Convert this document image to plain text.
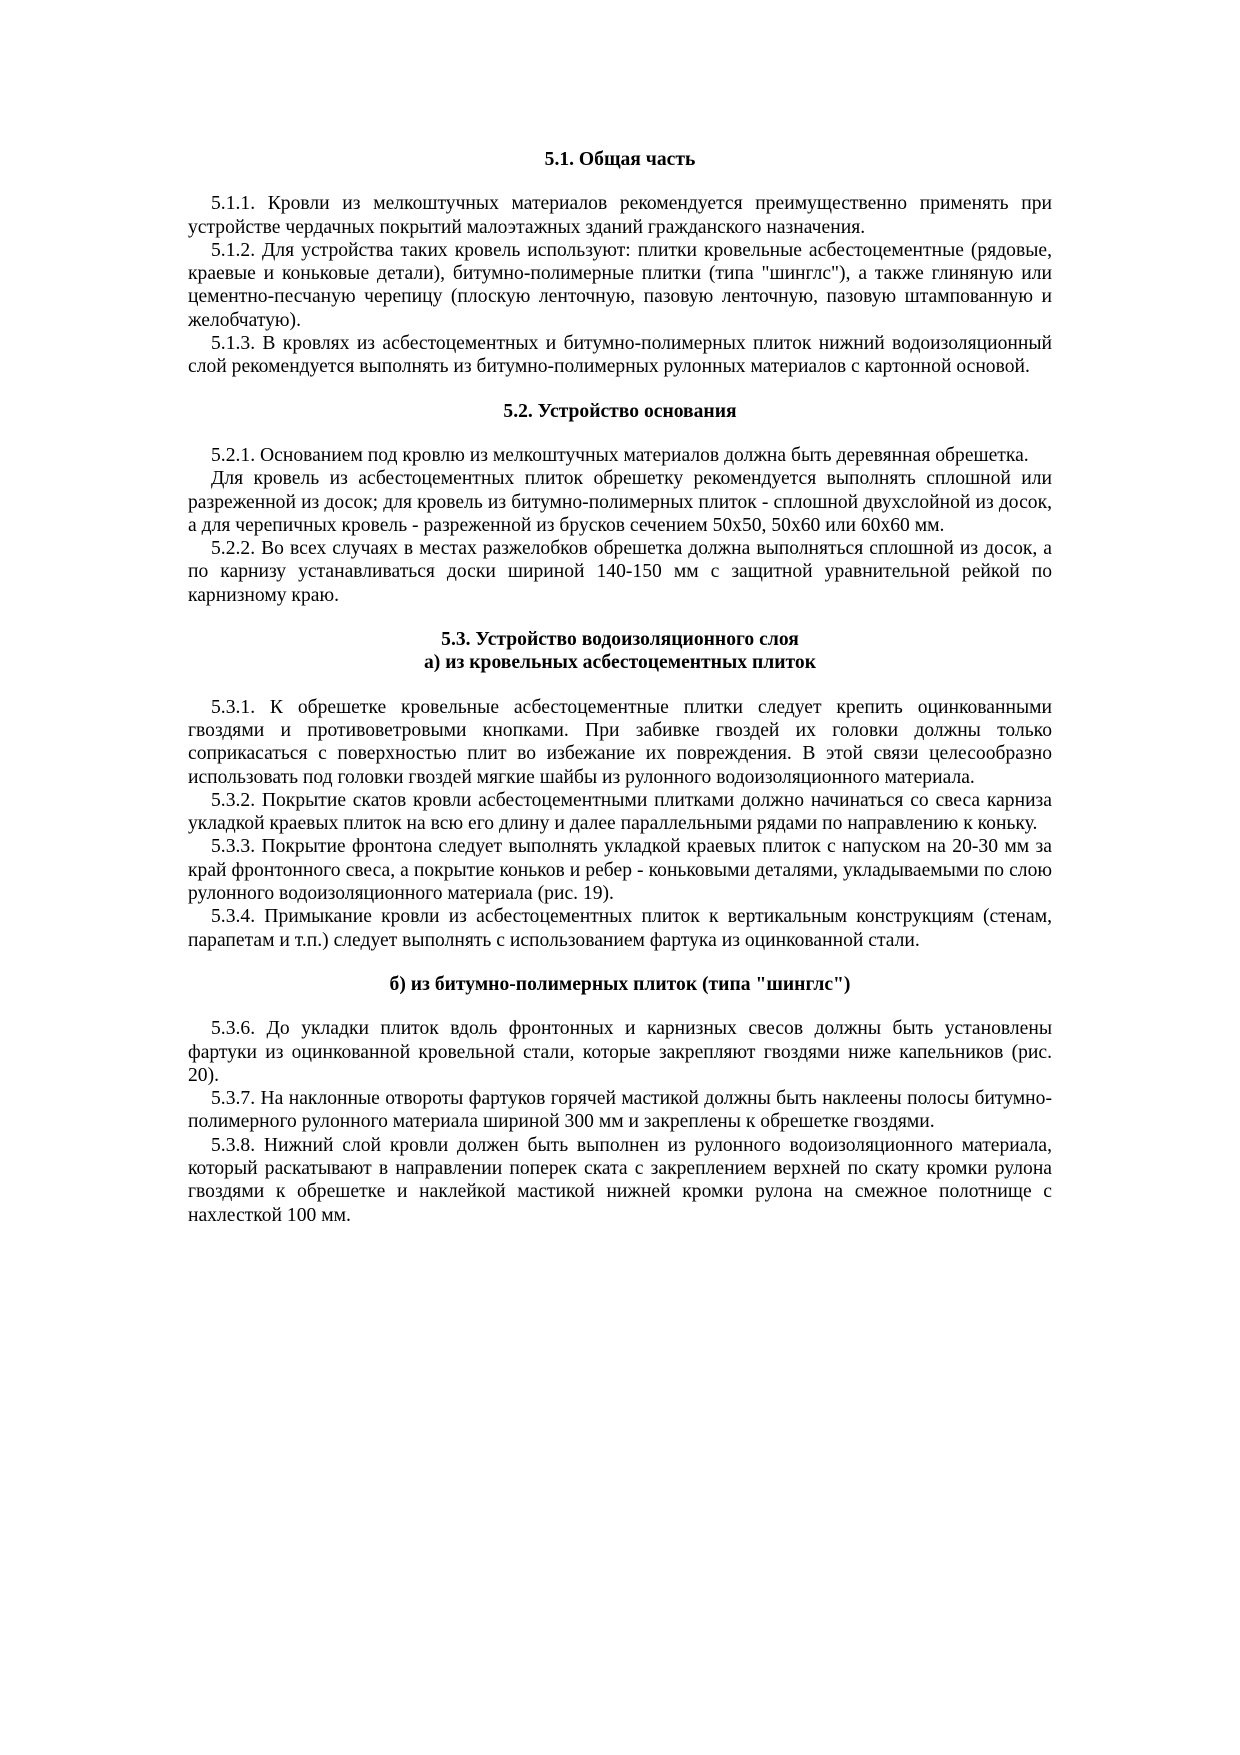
5.1. Общая часть

5.1.1. Кровли из мелкоштучных материалов рекомендуется преимущественно применять при устройстве чердачных покрытий малоэтажных зданий гражданского назначения.

5.1.2. Для устройства таких кровель используют: плитки кровельные асбестоцементные (рядовые, краевые и коньковые детали), битумно-полимерные плитки (типа "шинглс"), а также глиняную или цементно-песчаную черепицу (плоскую ленточную, пазовую ленточную, пазовую штампованную и желобчатую).

5.1.3. В кровлях из асбестоцементных и битумно-полимерных плиток нижний водоизоляционный слой рекомендуется выполнять из битумно-полимерных рулонных материалов с картонной основой.

5.2. Устройство основания

5.2.1. Основанием под кровлю из мелкоштучных материалов должна быть деревянная обрешетка.

Для кровель из асбестоцементных плиток обрешетку рекомендуется выполнять сплошной или разреженной из досок; для кровель из битумно-полимерных плиток - сплошной двухслойной из досок, а для черепичных кровель - разреженной из брусков сечением 50х50, 50х60 или 60х60 мм.

5.2.2. Во всех случаях в местах разжелобков обрешетка должна выполняться сплошной из досок, а по карнизу устанавливаться доски шириной 140-150 мм с защитной уравнительной рейкой по карнизному краю.

5.3. Устройство водоизоляционного слоя

а) из кровельных асбестоцементных плиток

5.3.1. К обрешетке кровельные асбестоцементные плитки следует крепить оцинкованными гвоздями и противоветровыми кнопками. При забивке гвоздей их головки должны только соприкасаться с поверхностью плит во избежание их повреждения. В этой связи целесообразно использовать под головки гвоздей мягкие шайбы из рулонного водоизоляционного материала.

5.3.2. Покрытие скатов кровли асбестоцементными плитками должно начинаться со свеса карниза укладкой краевых плиток на всю его длину и далее параллельными рядами по направлению к коньку.

5.3.3. Покрытие фронтона следует выполнять укладкой краевых плиток с напуском на 20-30 мм за край фронтонного свеса, а покрытие коньков и ребер - коньковыми деталями, укладываемыми по слою рулонного водоизоляционного материала (рис. 19).

5.3.4. Примыкание кровли из асбестоцементных плиток к вертикальным конструкциям (стенам, парапетам и т.п.) следует выполнять с использованием фартука из оцинкованной стали.

б) из битумно-полимерных плиток (типа "шинглс")

5.3.6. До укладки плиток вдоль фронтонных и карнизных свесов должны быть установлены фартуки из оцинкованной кровельной стали, которые закрепляют гвоздями ниже капельников (рис. 20).

5.3.7. На наклонные отвороты фартуков горячей мастикой должны быть наклеены полосы битумно-полимерного рулонного материала шириной 300 мм и закреплены к обрешетке гвоздями.

5.3.8. Нижний слой кровли должен быть выполнен из рулонного водоизоляционного материала, который раскатывают в направлении поперек ската с закреплением верхней по скату кромки рулона гвоздями к обрешетке и наклейкой мастикой нижней кромки рулона на смежное полотнище с нахлесткой 100 мм.
